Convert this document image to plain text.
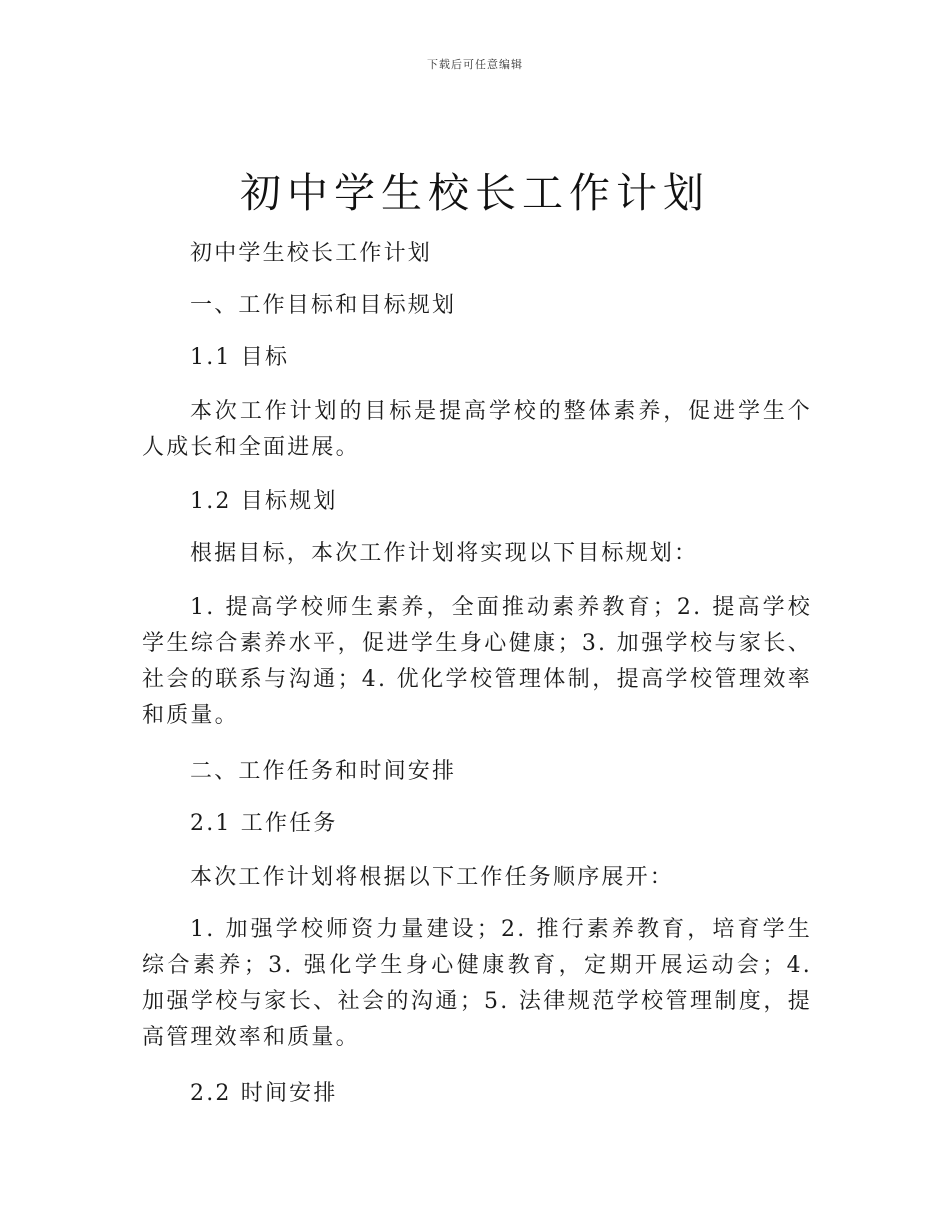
下载后可任意编辑
初中学生校长工作计划

初中学生校长工作计划

一、工作目标和目标规划

1.1 目标

本次工作计划的目标是提高学校的整体素养，促进学生个人成长和全面进展。

1.2 目标规划

根据目标，本次工作计划将实现以下目标规划：

1. 提高学校师生素养，全面推动素养教育；2. 提高学校学生综合素养水平，促进学生身心健康；3. 加强学校与家长、社会的联系与沟通；4. 优化学校管理体制，提高学校管理效率和质量。

二、工作任务和时间安排

2.1 工作任务

本次工作计划将根据以下工作任务顺序展开：

1. 加强学校师资力量建设；2. 推行素养教育，培育学生综合素养；3. 强化学生身心健康教育，定期开展运动会；4. 加强学校与家长、社会的沟通；5. 法律规范学校管理制度，提高管理效率和质量。

2.2 时间安排
